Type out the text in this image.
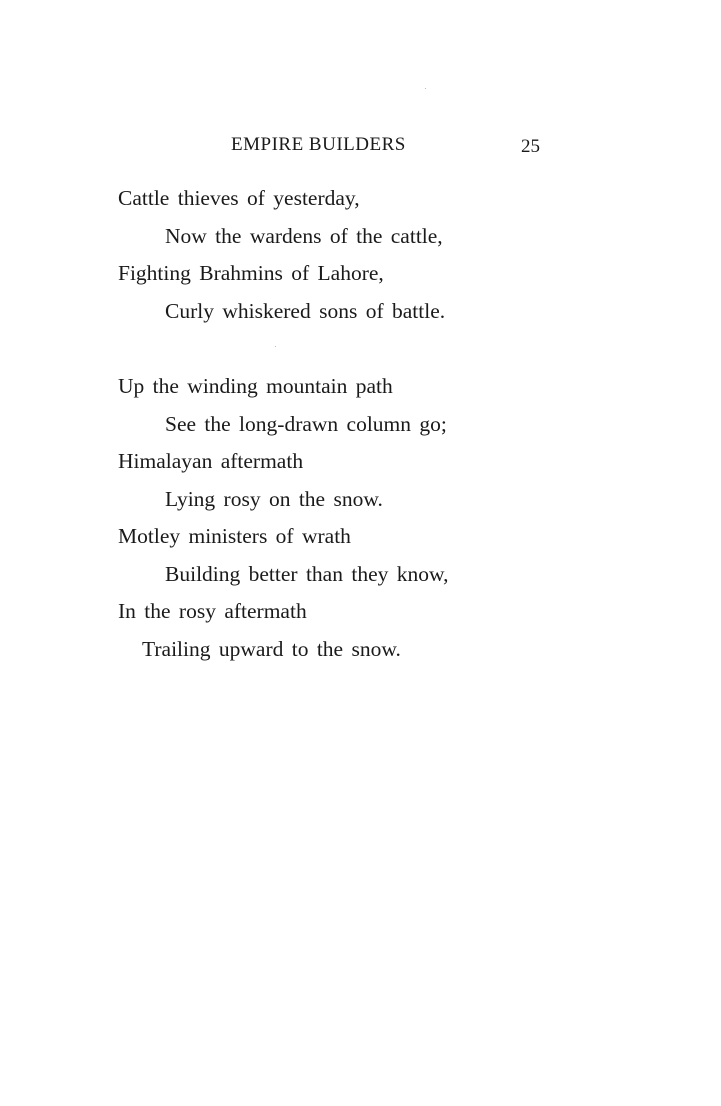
EMPIRE BUILDERS	25
Cattle thieves of yesterday,
Now the wardens of the cattle,
Fighting Brahmins of Lahore,
Curly whiskered sons of battle.
Up the winding mountain path
See the long-drawn column go;
Himalayan aftermath
Lying rosy on the snow.
Motley ministers of wrath
Building better than they know,
In the rosy aftermath
Trailing upward to the snow.
